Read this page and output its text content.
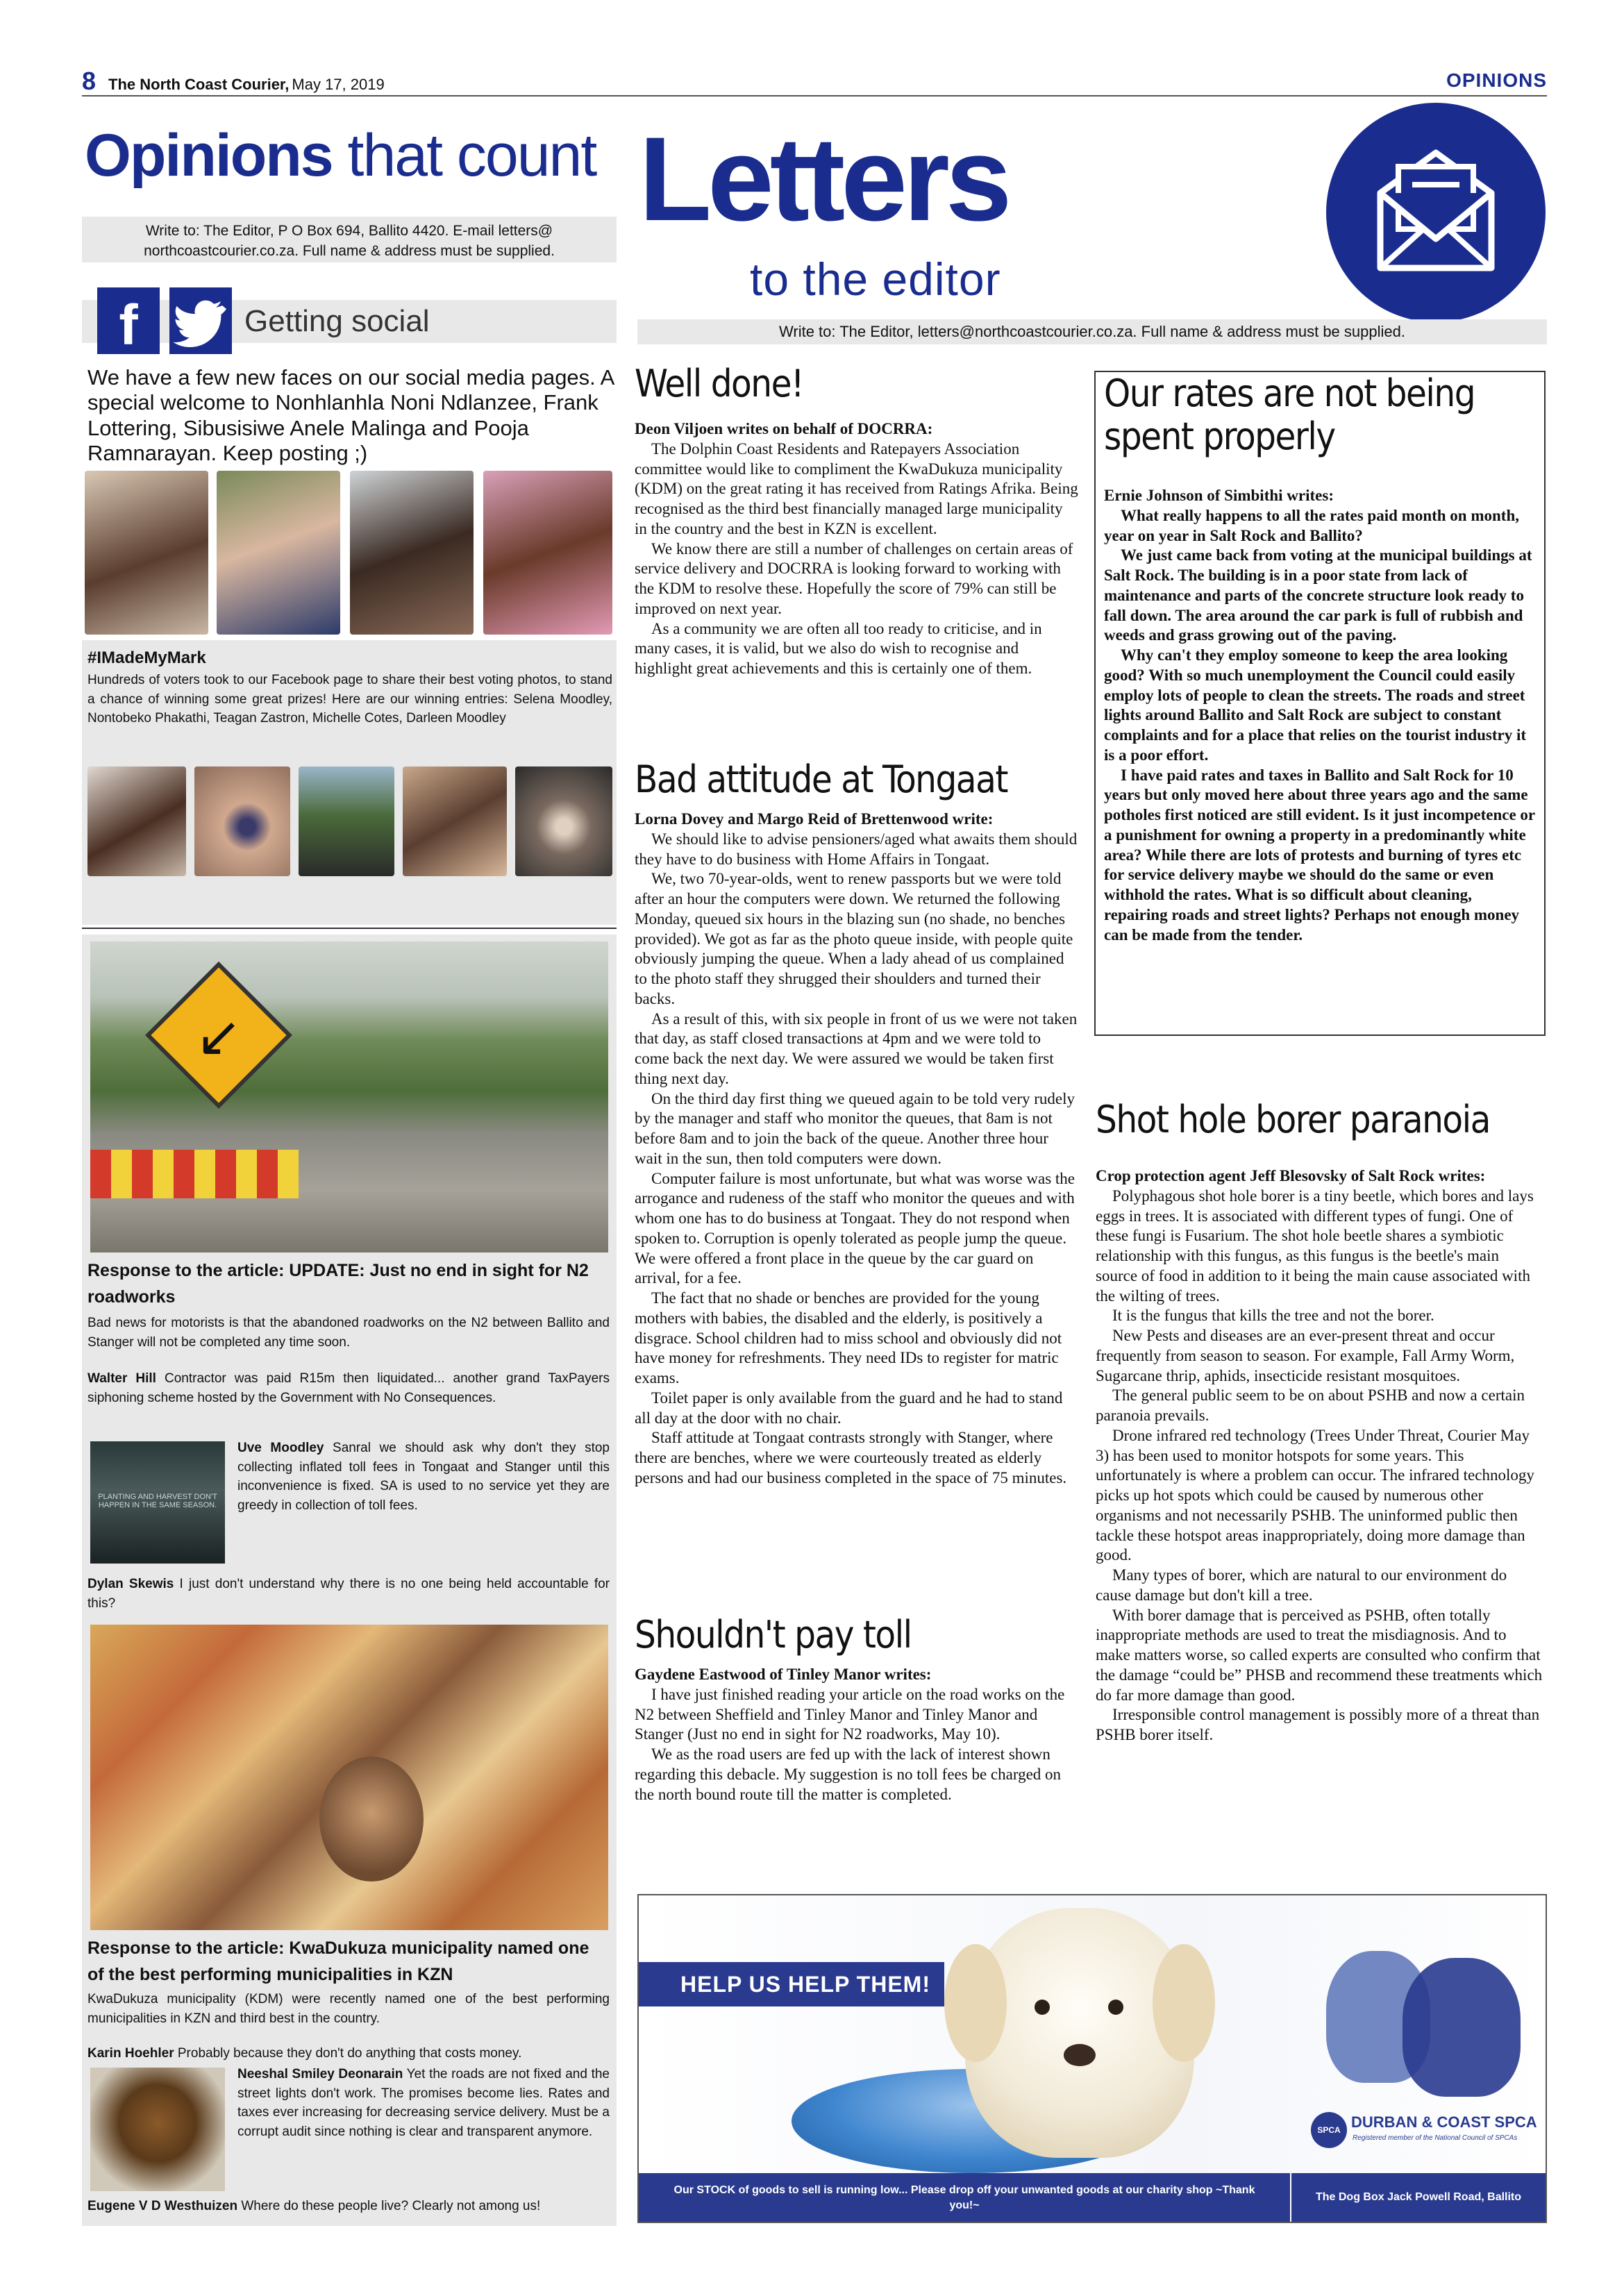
8 The North Coast Courier, May 17, 2019	OPINIONS
Opinions that count
Write to: The Editor, P O Box 694, Ballito 4420. E-mail letters@ northcoastcourier.co.za. Full name & address must be supplied.
f	Getting social
We have a few new faces on our social media pages. A special welcome to Nonhlanhla Noni Ndlanzee, Frank Lottering, Sibusisiwe Anele Malinga and Pooja Ramnarayan. Keep posting ;)
#IMadeMyMark
Hundreds of voters took to our Facebook page to share their best voting photos, to stand a chance of winning some great prizes! Here are our winning entries: Selena Moodley, Nontobeko Phakathi, Teagan Zastron, Michelle Cotes, Darleen Moodley
↙
Response to the article: UPDATE: Just no end in sight for N2 roadworks
Bad news for motorists is that the abandoned roadworks on the N2 between Ballito and Stanger will not be completed any time soon.
Walter Hill Contractor was paid R15m then liquidated... another grand TaxPayers siphoning scheme hosted by the Government with No Consequences.
PLANTING AND HARVEST DON'T HAPPEN IN THE SAME SEASON.
Uve Moodley Sanral we should ask why don't they stop collecting inflated toll fees in Tongaat and Stanger until this inconvenience is fixed. SA is used to no service yet they are greedy in collection of toll fees.
Dylan Skewis I just don't understand why there is no one being held accountable for this?
Response to the article: KwaDukuza municipality named one of the best performing municipalities in KZN
KwaDukuza municipality (KDM) were recently named one of the best performing municipalities in KZN and third best in the country.
Karin Hoehler Probably because they don't do anything that costs money.
Neeshal Smiley Deonarain Yet the roads are not fixed and the street lights don't work. The promises become lies. Rates and taxes ever increasing for decreasing service delivery. Must be a corrupt audit since nothing is clear and transparent anymore.
Eugene V D Westhuizen Where do these people live? Clearly not among us!
Letters
to the editor
Write to: The Editor, letters@northcoastcourier.co.za. Full name & address must be supplied.
Well done!
Deon Viljoen writes on behalf of DOCRRA:

The Dolphin Coast Residents and Ratepayers Association committee would like to compliment the KwaDukuza municipality (KDM) on the great rating it has received from Ratings Afrika. Being recognised as the third best financially managed large municipality in the country and the best in KZN is excellent.

We know there are still a number of challenges on certain areas of service delivery and DOCRRA is looking forward to working with the KDM to resolve these. Hopefully the score of 79% can still be improved on next year.

As a community we are often all too ready to criticise, and in many cases, it is valid, but we also do wish to recognise and highlight great achievements and this is certainly one of them.

Bad attitude at Tongaat
Lorna Dovey and Margo Reid of Brettenwood write:

We should like to advise pensioners/aged what awaits them should they have to do business with Home Affairs in Tongaat.

We, two 70-year-olds, went to renew passports but we were told after an hour the computers were down. We returned the following Monday, queued six hours in the blazing sun (no shade, no benches provided). We got as far as the photo queue inside, with people quite obviously jumping the queue. When a lady ahead of us complained to the photo staff they shrugged their shoulders and turned their backs.

As a result of this, with six people in front of us we were not taken that day, as staff closed transactions at 4pm and we were told to come back the next day. We were assured we would be taken first thing next day.

On the third day first thing we queued again to be told very rudely by the manager and staff who monitor the queues, that 8am is not before 8am and to join the back of the queue. Another three hour wait in the sun, then told computers were down.

Computer failure is most unfortunate, but what was worse was the arrogance and rudeness of the staff who monitor the queues and with whom one has to do business at Tongaat. They do not respond when spoken to. Corruption is openly tolerated as people jump the queue. We were offered a front place in the queue by the car guard on arrival, for a fee.

The fact that no shade or benches are provided for the young mothers with babies, the disabled and the elderly, is positively a disgrace. School children had to miss school and obviously did not have money for refreshments. They need IDs to register for matric exams.

Toilet paper is only available from the guard and he had to stand all day at the door with no chair.

Staff attitude at Tongaat contrasts strongly with Stanger, where there are benches, where we were courteously treated as elderly persons and had our business completed in the space of 75 minutes.

Shouldn't pay toll
Gaydene Eastwood of Tinley Manor writes:

I have just finished reading your article on the road works on the N2 between Sheffield and Tinley Manor and Tinley Manor and Stanger (Just no end in sight for N2 roadworks, May 10).

We as the road users are fed up with the lack of interest shown regarding this debacle. My suggestion is no toll fees be charged on the north bound route till the matter is completed.

Our rates are not being spent properly
Ernie Johnson of Simbithi writes:

What really happens to all the rates paid month on month, year on year in Salt Rock and Ballito?

We just came back from voting at the municipal buildings at Salt Rock. The building is in a poor state from lack of maintenance and parts of the concrete structure look ready to fall down. The area around the car park is full of rubbish and weeds and grass growing out of the paving.

Why can't they employ someone to keep the area looking good? With so much unemployment the Council could easily employ lots of people to clean the streets. The roads and street lights around Ballito and Salt Rock are subject to constant complaints and for a place that relies on the tourist industry it is a poor effort.

I have paid rates and taxes in Ballito and Salt Rock for 10 years but only moved here about three years ago and the same potholes first noticed are still evident. Is it just incompetence or a punishment for owning a property in a predominantly white area? While there are lots of protests and burning of tyres etc for service delivery maybe we should do the same or even withhold the rates. What is so difficult about cleaning, repairing roads and street lights? Perhaps not enough money can be made from the tender.

Shot hole borer paranoia
Crop protection agent Jeff Blesovsky of Salt Rock writes:

Polyphagous shot hole borer is a tiny beetle, which bores and lays eggs in trees. It is associated with different types of fungi. One of these fungi is Fusarium. The shot hole beetle shares a symbiotic relationship with this fungus, as this fungus is the beetle's main source of food in addition to it being the main cause associated with the wilting of trees.

It is the fungus that kills the tree and not the borer.

New Pests and diseases are an ever-present threat and occur frequently from season to season. For example, Fall Army Worm, Sugarcane thrip, aphids, insecticide resistant mosquitoes.

The general public seem to be on about PSHB and now a certain paranoia prevails.

Drone infrared red technology (Trees Under Threat, Courier May 3) has been used to monitor hotspots for some years. This unfortunately is where a problem can occur. The infrared technology picks up hot spots which could be caused by numerous other organisms and not necessarily PSHB. The uninformed public then tackle these hotspot areas inappropriately, doing more damage than good.

Many types of borer, which are natural to our environment do cause damage but don't kill a tree.

With borer damage that is perceived as PSHB, often totally inappropriate methods are used to treat the misdiagnosis. And to make matters worse, so called experts are consulted who confirm that the damage “could be” PHSB and recommend these treatments which do far more damage than good.

Irresponsible control management is possibly more of a threat than PSHB borer itself.

HELP US HELP THEM!
SPCA DURBAN & COAST SPCA
Registered member of the National Council of SPCAs
Our STOCK of goods to sell is running low... Please drop off your unwanted goods at our charity shop ~Thank you!~
The Dog Box Jack Powell Road, Ballito
